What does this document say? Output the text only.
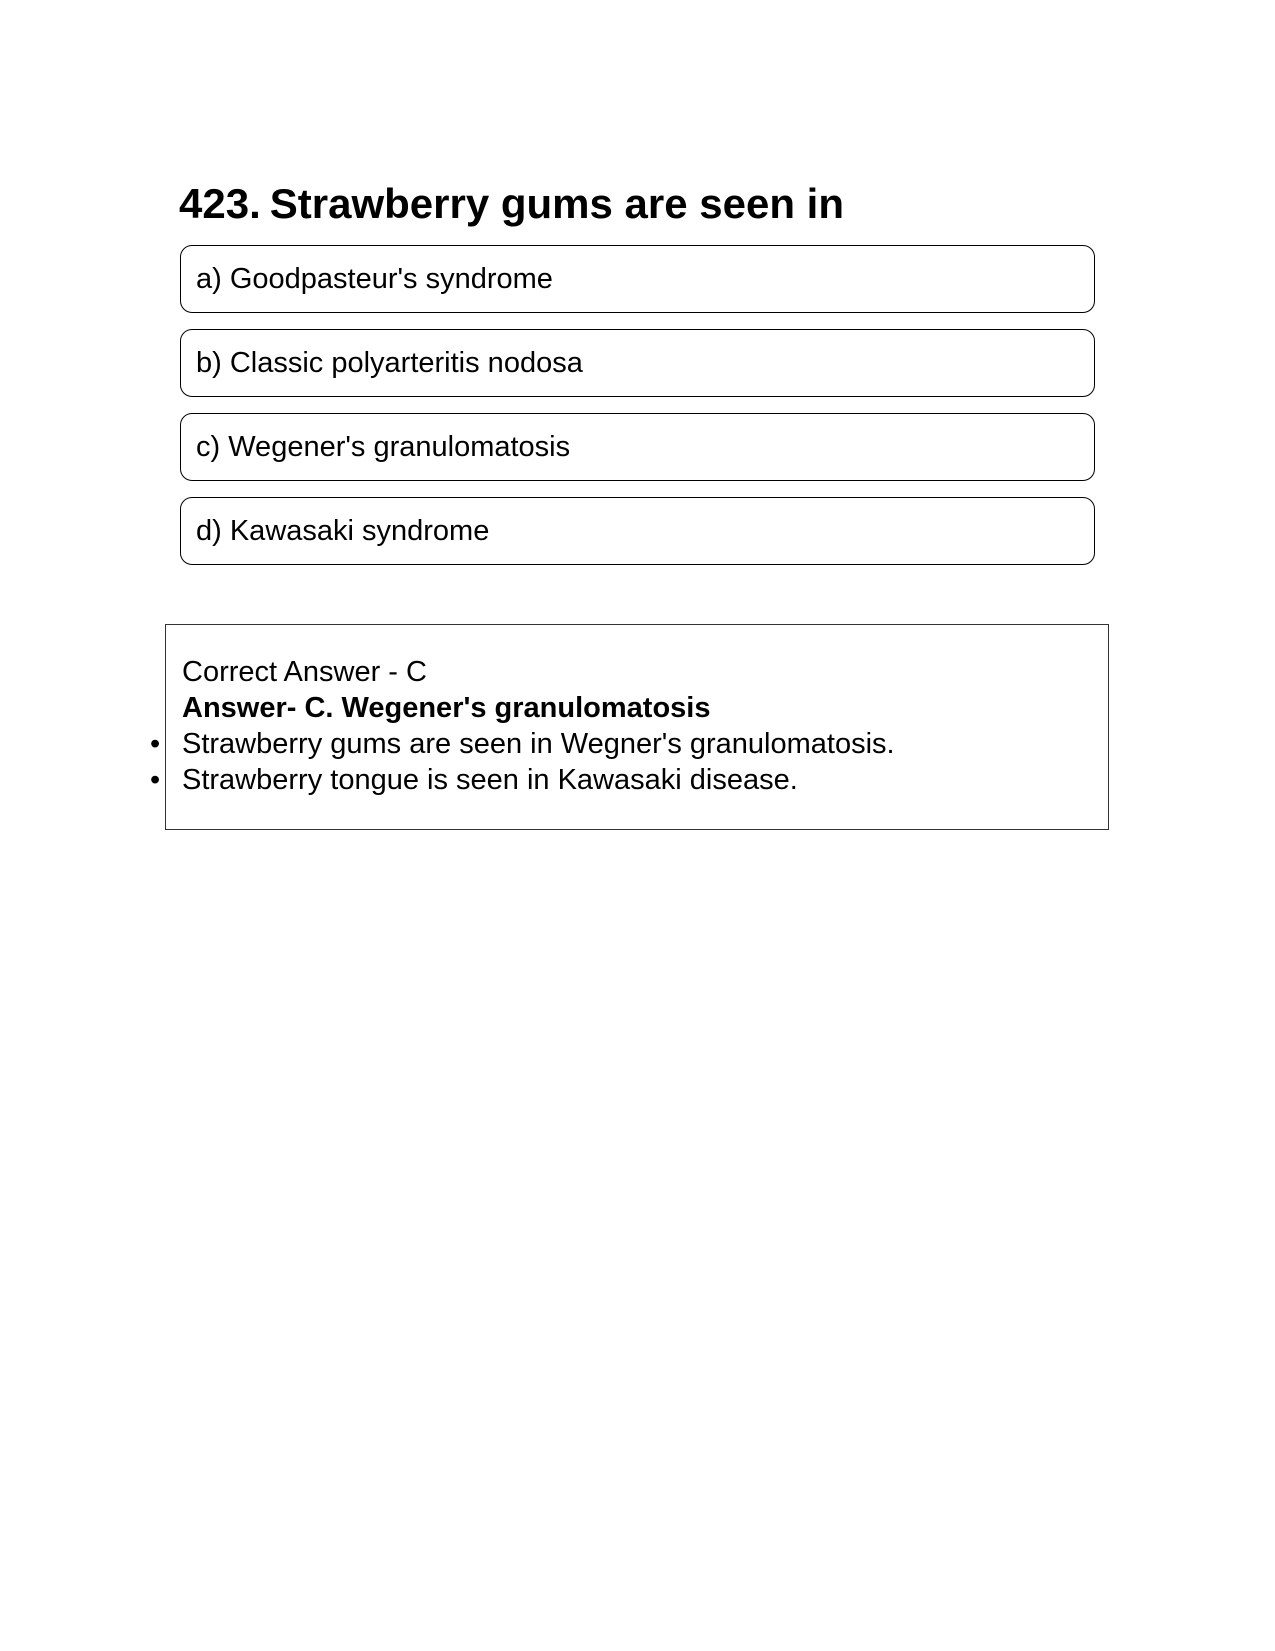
423. Strawberry gums are seen in
a) Goodpasteur's syndrome
b) Classic polyarteritis nodosa
c) Wegener's granulomatosis
d) Kawasaki syndrome
Correct Answer - C
Answer- C. Wegener's granulomatosis
• Strawberry gums are seen in Wegner's granulomatosis.
• Strawberry tongue is seen in Kawasaki disease.
